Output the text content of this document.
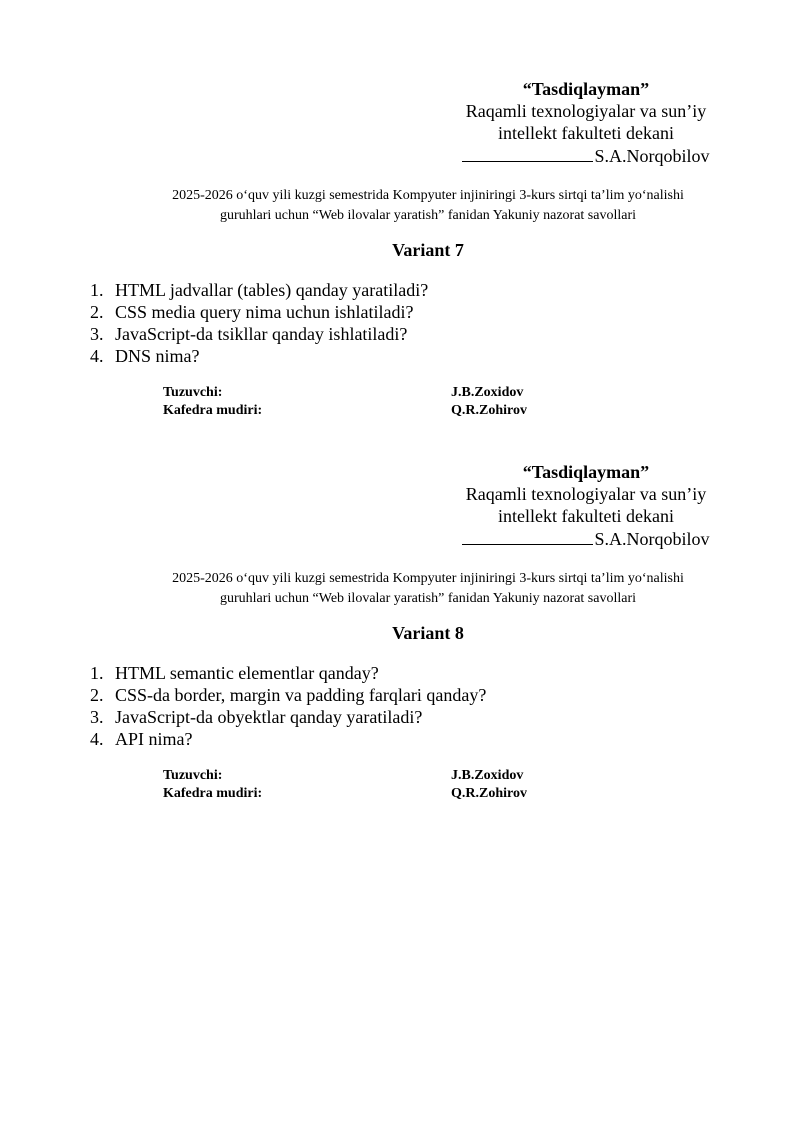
“Tasdiqlayman”
Raqamli texnologiyalar va sun’iy
intellekt fakulteti dekani
S.A.Norqobilov
2025-2026 oʻquv yili kuzgi semestrida Kompyuter injiniringi 3-kurs sirtqi taʼlim yoʻnalishi
guruhlari uchun “Web ilovalar yaratish” fanidan Yakuniy nazorat savollari
Variant 7
1. HTML jadvallar (tables) qanday yaratiladi?
2. CSS media query nima uchun ishlatiladi?
3. JavaScript-da tsikllar qanday ishlatiladi?
4. DNS nima?
Tuzuvchi:	J.B.Zoxidov
Kafedra mudiri:	Q.R.Zohirov
“Tasdiqlayman”
Raqamli texnologiyalar va sun’iy
intellekt fakulteti dekani
S.A.Norqobilov
2025-2026 oʻquv yili kuzgi semestrida Kompyuter injiniringi 3-kurs sirtqi taʼlim yoʻnalishi
guruhlari uchun “Web ilovalar yaratish” fanidan Yakuniy nazorat savollari
Variant 8
1. HTML semantic elementlar qanday?
2. CSS-da border, margin va padding farqlari qanday?
3. JavaScript-da obyektlar qanday yaratiladi?
4. API nima?
Tuzuvchi:	J.B.Zoxidov
Kafedra mudiri:	Q.R.Zohirov
